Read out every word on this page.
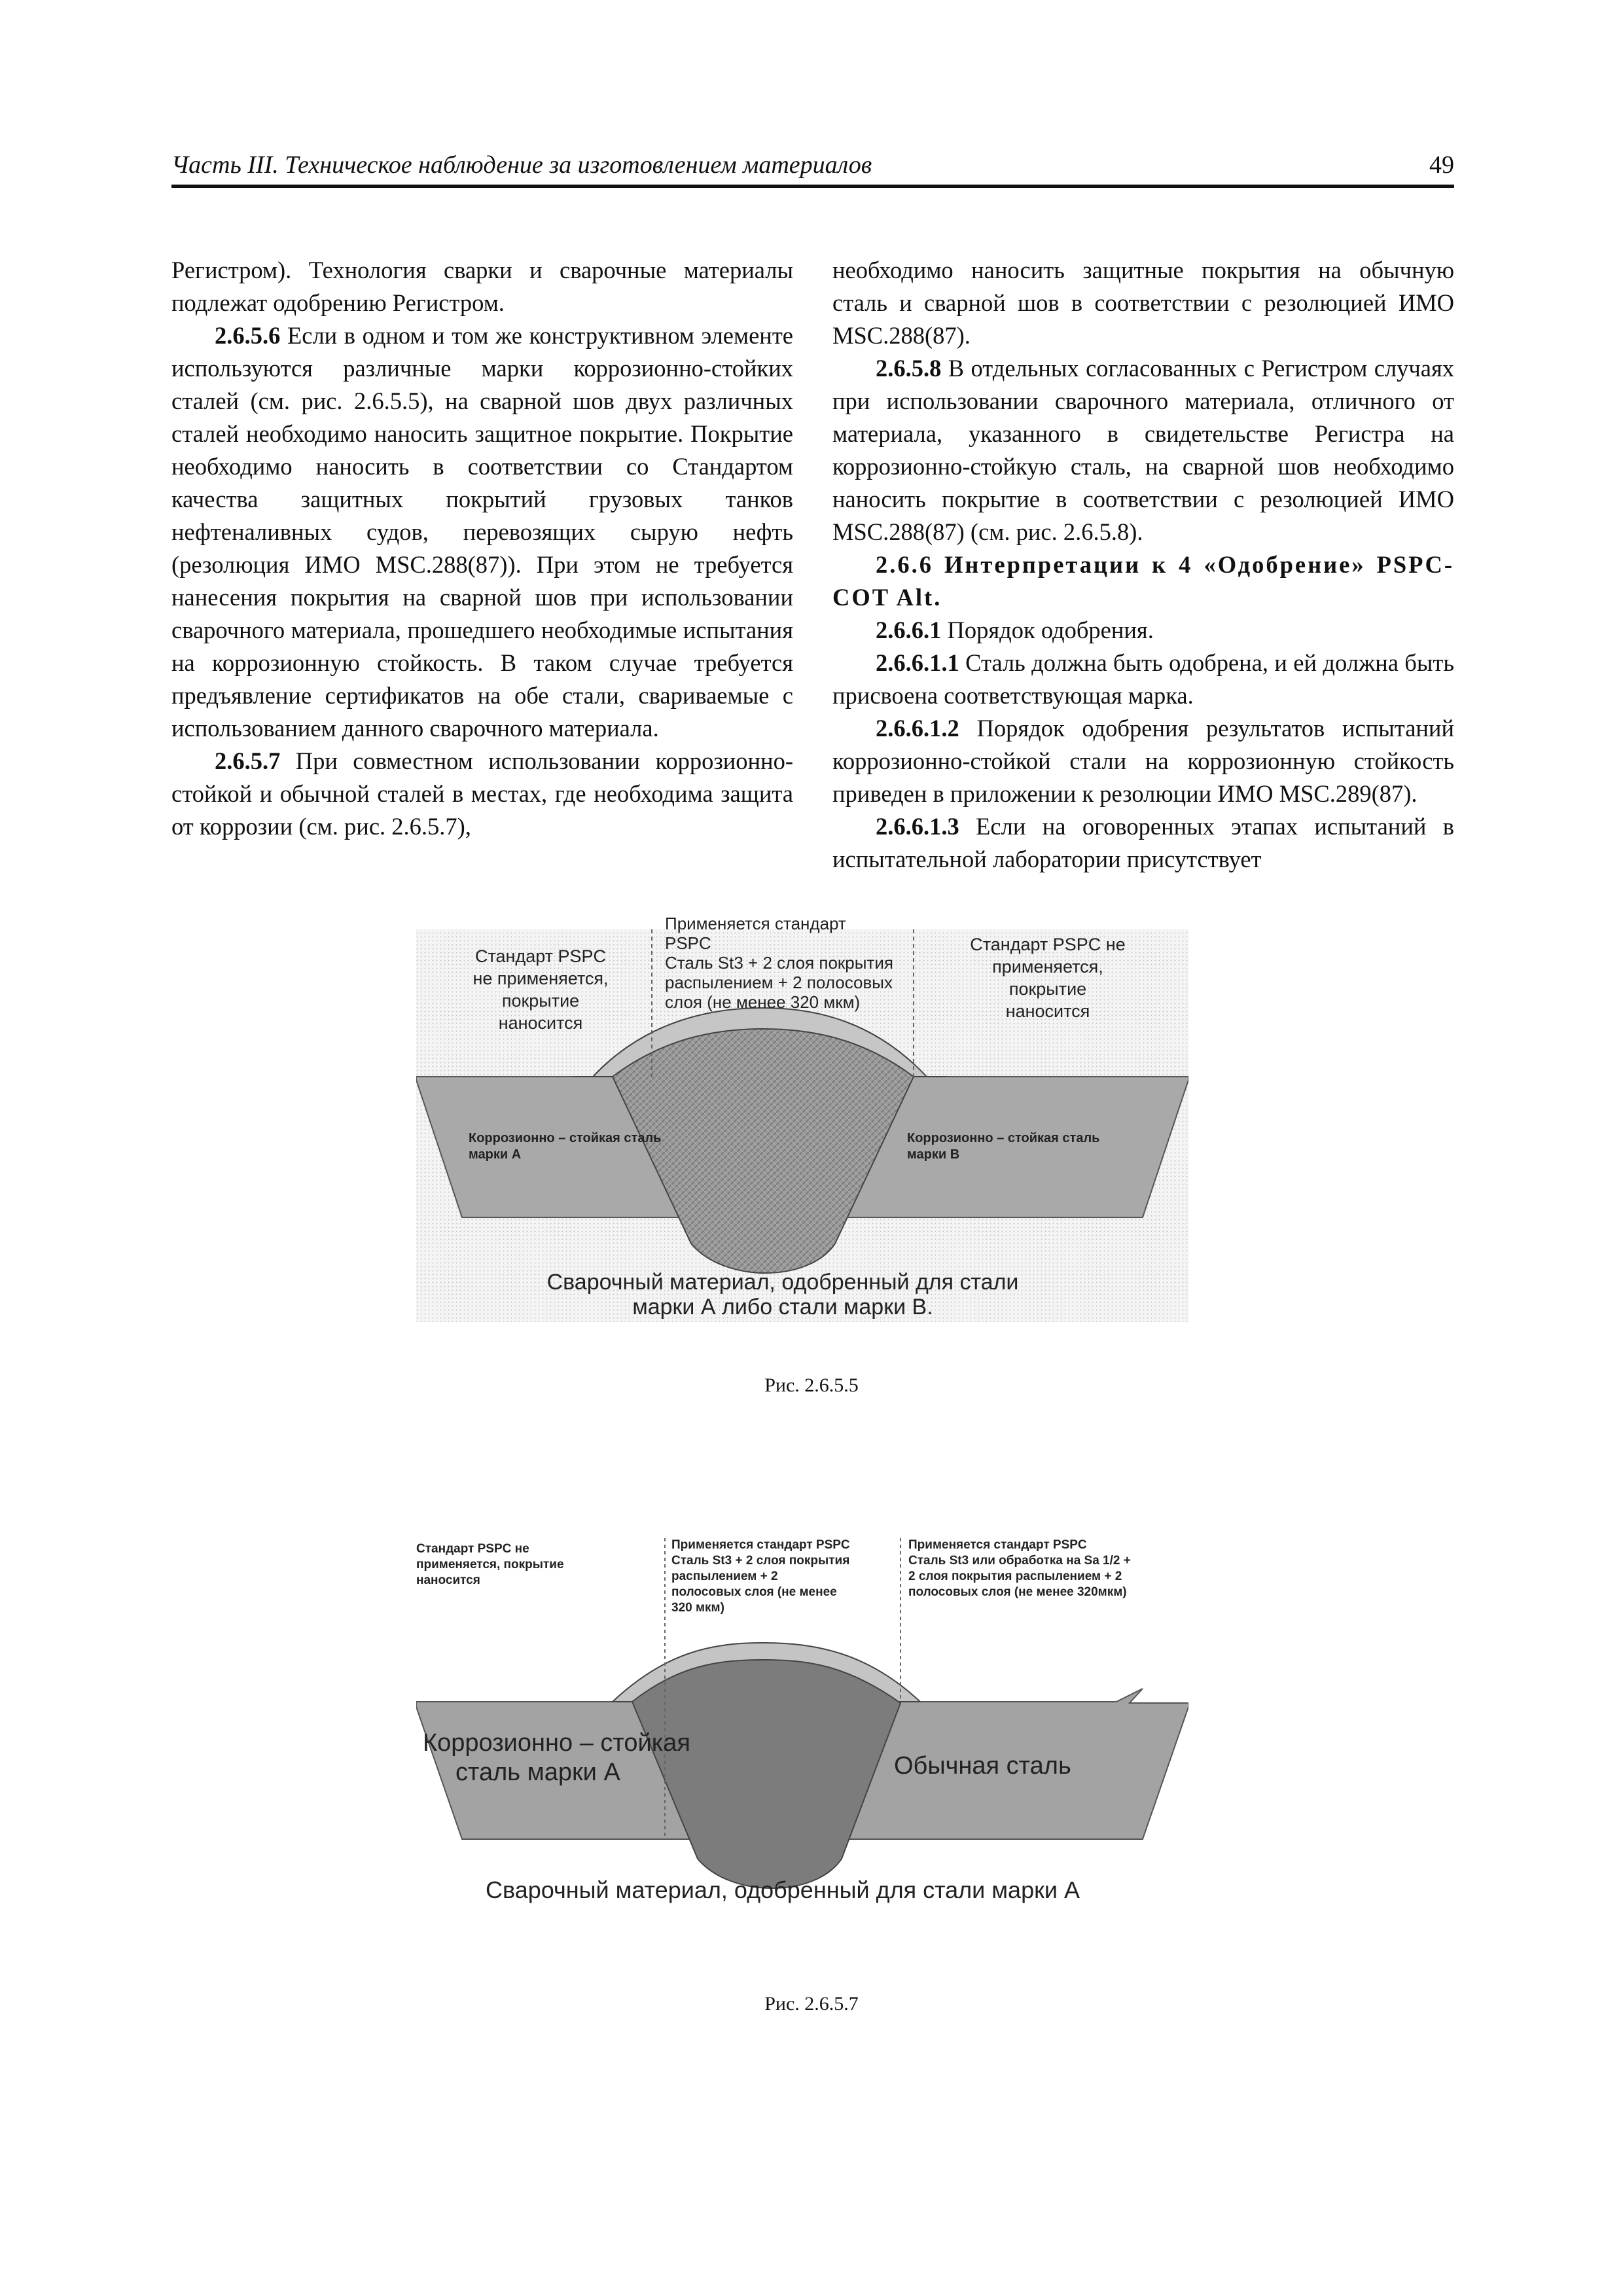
Часть III. Техническое наблюдение за изготовлением материалов	49

Регистром). Технология сварки и сварочные материалы подлежат одобрению Регистром.

2.6.5.6 Если в одном и том же конструктивном элементе используются различные марки коррозионно-стойких сталей (см. рис. 2.6.5.5), на сварной шов двух различных сталей необходимо наносить защитное покрытие. Покрытие необходимо наносить в соответствии со Стандартом качества защитных покрытий грузовых танков нефтеналивных судов, перевозящих сырую нефть (резолюция ИМО MSC.288(87)). При этом не требуется нанесения покрытия на сварной шов при использовании сварочного материала, прошедшего необходимые испытания на коррозионную стойкость. В таком случае требуется предъявление сертификатов на обе стали, свариваемые с использованием данного сварочного материала.

2.6.5.7 При совместном использовании коррозионно-стойкой и обычной сталей в местах, где необходима защита от коррозии (см. рис. 2.6.5.7),

необходимо наносить защитные покрытия на обычную сталь и сварной шов в соответствии с резолюцией ИМО MSC.288(87).

2.6.5.8 В отдельных согласованных с Регистром случаях при использовании сварочного материала, отличного от материала, указанного в свидетельстве Регистра на коррозионно-стойкую сталь, на сварной шов необходимо наносить покрытие в соответствии с резолюцией ИМО MSC.288(87) (см. рис. 2.6.5.8).

2.6.6 Интерпретации к 4 «Одобрение» PSPC-COT Alt.

2.6.6.1 Порядок одобрения.

2.6.6.1.1 Сталь должна быть одобрена, и ей должна быть присвоена соответствующая марка.

2.6.6.1.2 Порядок одобрения результатов испытаний коррозионно-стойкой стали на коррозионную стойкость приведен в приложении к резолюции ИМО MSC.289(87).

2.6.6.1.3 Если на оговоренных этапах испытаний в испытательной лаборатории присутствует

Стандарт PSPC
не применяется,
покрытие
наносится
Применяется стандарт
PSPC
Сталь St3 + 2 слоя покрытия
распылением + 2 полосовых
слоя (не менее 320 мкм)
Стандарт PSPC не
применяется,
покрытие
наносится
Коррозионно – стойкая сталь
марки А
Коррозионно – стойкая сталь
марки В
Сварочный материал, одобренный для стали
марки А либо стали марки В.
Рис. 2.6.5.5
Стандарт PSPC не
применяется, покрытие
наносится
Применяется стандарт PSPC
Сталь St3 + 2 слоя покрытия
распылением + 2
полосовых слоя (не менее
320 мкм)
Применяется стандарт PSPC
Сталь St3 или обработка на Sa 1/2 +
2 слоя покрытия распылением + 2
полосовых слоя (не менее 320мкм)
Коррозионно – стойкая
сталь марки А	Обычная сталь
Сварочный материал, одобренный для стали марки А
Рис. 2.6.5.7
